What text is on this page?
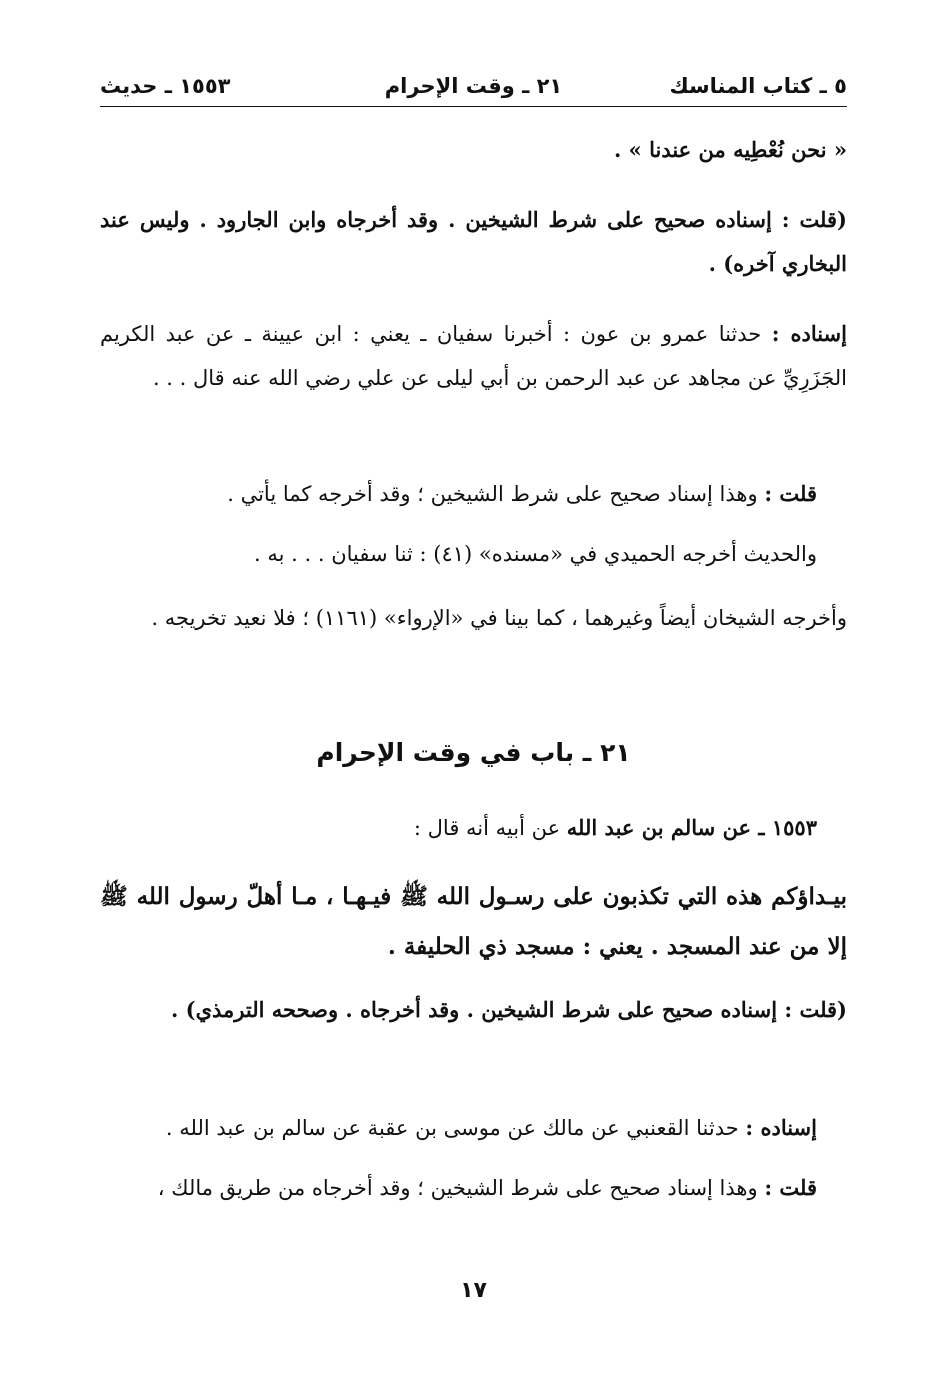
٥ ـ كتاب المناسك
٢١ ـ وقت الإحرام
١٥٥٣ ـ حديث
« نحن نُعْطِيه من عندنا » .
(قلت : إسناده صحيح على شرط الشيخين . وقد أخرجاه وابن الجارود . وليس عند البخاري آخره) .
إسناده : حدثنا عمرو بن عون : أخبرنا سفيان ـ يعني : ابن عيينة ـ عن عبد الكريم الجَزَرِيِّ عن مجاهد عن عبد الرحمن بن أبي ليلى عن علي رضي الله عنه قال . . .
قلت : وهذا إسناد صحيح على شرط الشيخين ؛ وقد أخرجه كما يأتي .
والحديث أخرجه الحميدي في «مسنده» (٤١) : ثنا سفيان . . . به .
وأخرجه الشيخان أيضاً وغيرهما ، كما بينا في «الإرواء» (١١٦١) ؛ فلا نعيد تخريجه .
٢١ ـ باب في وقت الإحرام
١٥٥٣ ـ عن سالم بن عبد الله عن أبيه أنه قال :
بيـداؤكم هذه التي تكذبون على رسـول الله ﷺ فيـهـا ، مـا أهلّ رسول الله ﷺ إلا من عند المسجد . يعني : مسجد ذي الحليفة .
(قلت : إسناده صحيح على شرط الشيخين . وقد أخرجاه . وصححه الترمذي) .
إسناده : حدثنا القعنبي عن مالك عن موسى بن عقبة عن سالم بن عبد الله .
قلت : وهذا إسناد صحيح على شرط الشيخين ؛ وقد أخرجاه من طريق مالك ،
١٧
